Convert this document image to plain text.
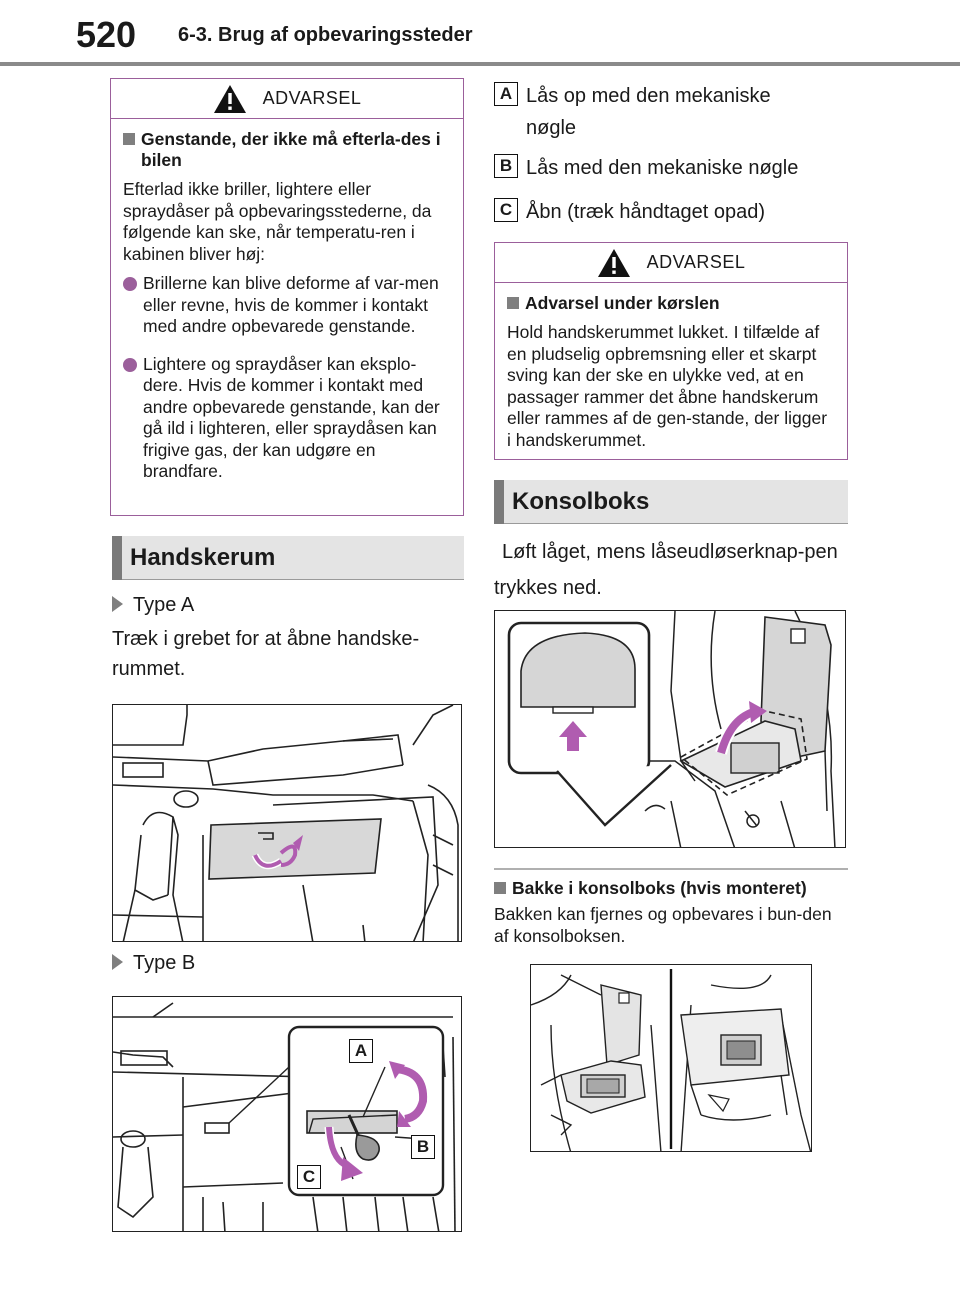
520 6-3. Brug af opbevaringssteder
ADVARSEL
Genstande, der ikke må efterla-des i bilen
Efterlad ikke briller, lightere eller spraydåser på opbevaringsstederne, da følgende kan ske, når temperatu-ren i kabinen bliver høj:
Brillerne kan blive deforme af var-men eller revne, hvis de kommer i kontakt med andre opbevarede genstande.
Lightere og spraydåser kan eksplo-dere. Hvis de kommer i kontakt med andre opbevarede genstande, kan der gå ild i lighteren, eller spraydåsen kan frigive gas, der kan udgøre en brandfare.
Handskerum
Type A
Træk i grebet for at åbne handske-rummet.
Type B
A
B
C
A Lås op med den mekaniske nøgle
B Lås med den mekaniske nøgle
C Åbn (træk håndtaget opad)
ADVARSEL
Advarsel under kørslen
Hold handskerummet lukket. I tilfælde af en pludselig opbremsning eller et skarpt sving kan der ske en ulykke ved, at en passager rammer det åbne handskerum eller rammes af de gen-stande, der ligger i handskerummet.
Konsolboks
Løft låget, mens låseudløserknap-pen trykkes ned.
Bakke i konsolboks (hvis monteret)
Bakken kan fjernes og opbevares i bun-den af konsolboksen.
